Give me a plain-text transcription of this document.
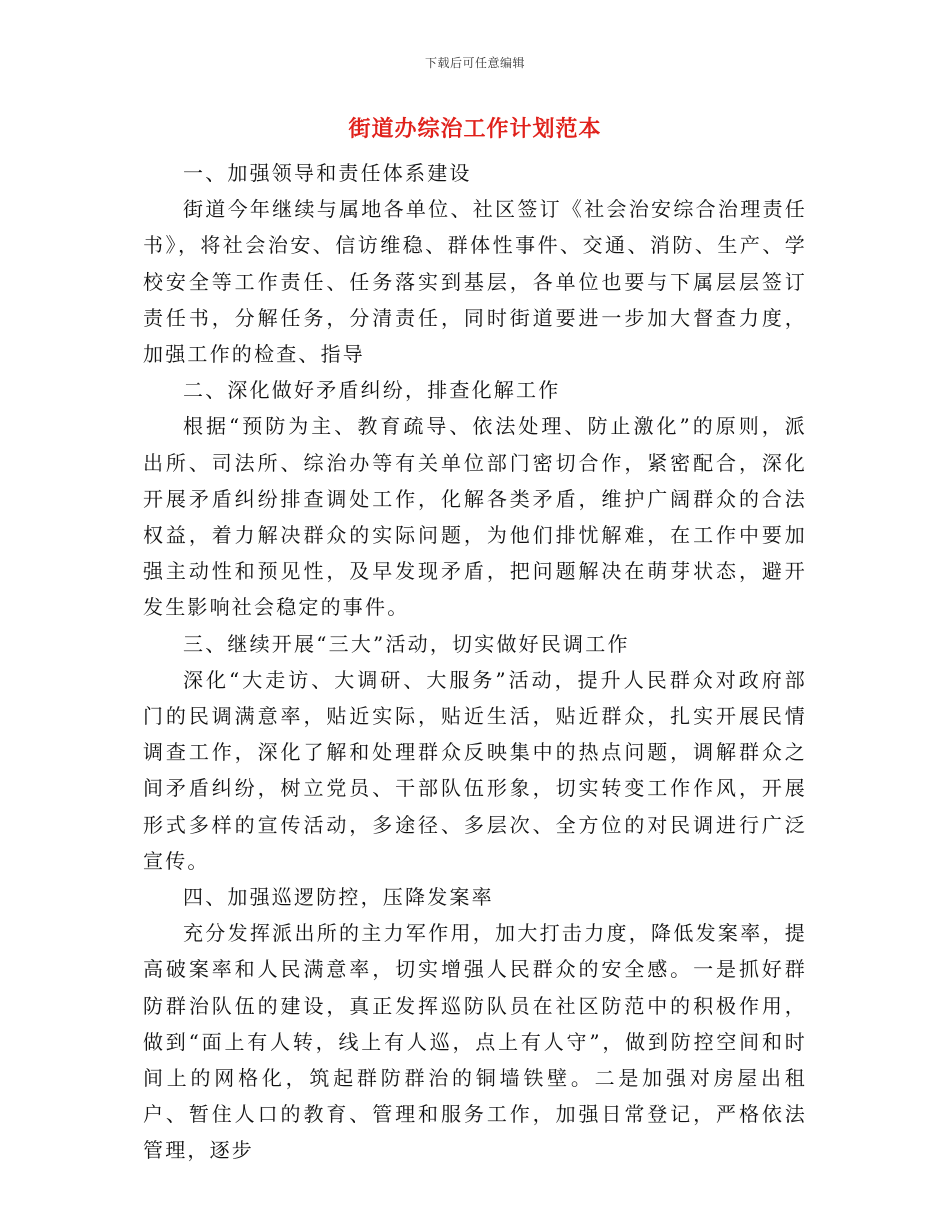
下载后可任意编辑
街道办综治工作计划范本

一、加强领导和责任体系建设

街道今年继续与属地各单位、社区签订《社会治安综合治理责任书》，将社会治安、信访维稳、群体性事件、交通、消防、生产、学校安全等工作责任、任务落实到基层，各单位也要与下属层层签订责任书，分解任务，分清责任，同时街道要进一步加大督查力度，加强工作的检查、指导

二、深化做好矛盾纠纷，排查化解工作

根据“预防为主、教育疏导、依法处理、防止激化”的原则，派出所、司法所、综治办等有关单位部门密切合作，紧密配合，深化开展矛盾纠纷排查调处工作，化解各类矛盾，维护广阔群众的合法权益，着力解决群众的实际问题，为他们排忧解难，在工作中要加强主动性和预见性，及早发现矛盾，把问题解决在萌芽状态，避开发生影响社会稳定的事件。

三、继续开展“三大”活动，切实做好民调工作

深化“大走访、大调研、大服务”活动，提升人民群众对政府部门的民调满意率，贴近实际，贴近生活，贴近群众，扎实开展民情调查工作，深化了解和处理群众反映集中的热点问题，调解群众之间矛盾纠纷，树立党员、干部队伍形象，切实转变工作作风，开展形式多样的宣传活动，多途径、多层次、全方位的对民调进行广泛宣传。

四、加强巡逻防控，压降发案率

充分发挥派出所的主力军作用，加大打击力度，降低发案率，提高破案率和人民满意率，切实增强人民群众的安全感。一是抓好群防群治队伍的建设，真正发挥巡防队员在社区防范中的积极作用，做到“面上有人转，线上有人巡，点上有人守”，做到防控空间和时间上的网格化，筑起群防群治的铜墙铁壁。二是加强对房屋出租户、暂住人口的教育、管理和服务工作，加强日常登记，严格依法管理，逐步
